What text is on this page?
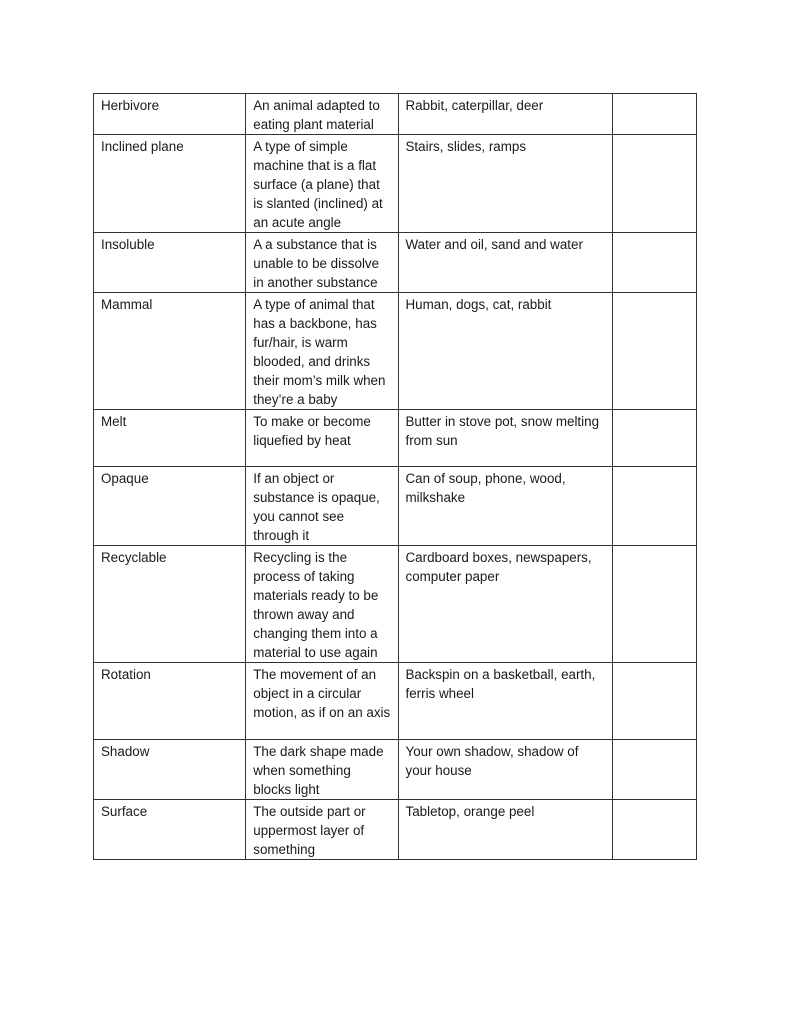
Herbivore	An animal adapted to eating plant material	Rabbit, caterpillar, deer	
Inclined plane	A type of simple machine that is a flat surface (a plane) that is slanted (inclined) at an acute angle	Stairs, slides, ramps	
Insoluble	A a substance that is unable to be dissolve in another substance	Water and oil, sand and water	
Mammal	A type of animal that has a backbone, has fur/hair, is warm blooded, and drinks their mom’s milk when they’re a baby	Human, dogs, cat, rabbit	
Melt	To make or become liquefied by heat	Butter in stove pot, snow melting from sun	
Opaque	If an object or substance is opaque, you cannot see through it	Can of soup, phone, wood, milkshake	
Recyclable	Recycling is the process of taking materials ready to be thrown away and changing them into a material to use again	Cardboard boxes, newspapers, computer paper	
Rotation	The movement of an object in a circular motion, as if on an axis	Backspin on a basketball, earth, ferris wheel	
Shadow	The dark shape made when something blocks light	Your own shadow, shadow of your house	
Surface	The outside part or uppermost layer of something	Tabletop, orange peel	
